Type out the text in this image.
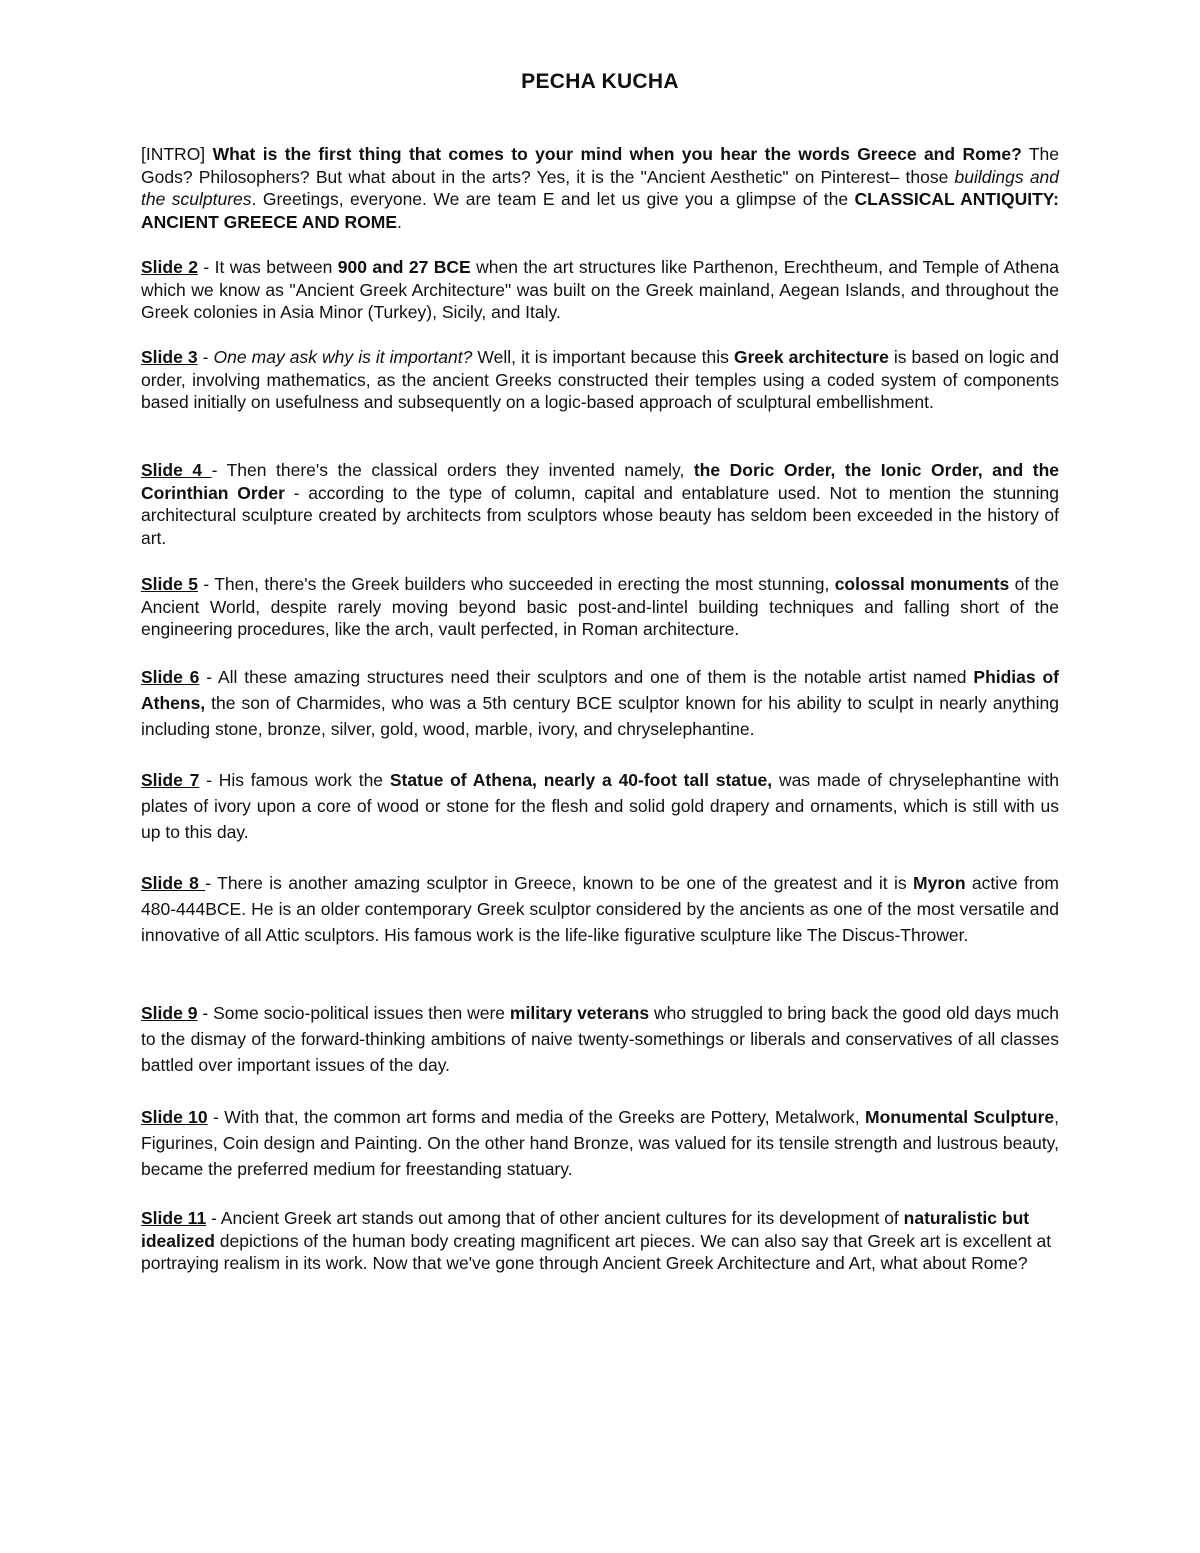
PECHA KUCHA

[INTRO] What is the first thing that comes to your mind when you hear the words Greece and Rome? The Gods? Philosophers? But what about in the arts? Yes, it is the "Ancient Aesthetic" on Pinterest– those buildings and the sculptures. Greetings, everyone. We are team E and let us give you a glimpse of the CLASSICAL ANTIQUITY: ANCIENT GREECE AND ROME.

Slide 2 - It was between 900 and 27 BCE when the art structures like Parthenon, Erechtheum, and Temple of Athena which we know as "Ancient Greek Architecture" was built on the Greek mainland, Aegean Islands, and throughout the Greek colonies in Asia Minor (Turkey), Sicily, and Italy.

Slide 3 - One may ask why is it important? Well, it is important because this Greek architecture is based on logic and order, involving mathematics, as the ancient Greeks constructed their temples using a coded system of components based initially on usefulness and subsequently on a logic-based approach of sculptural embellishment.

Slide 4 - Then there's the classical orders they invented namely, the Doric Order, the Ionic Order, and the Corinthian Order - according to the type of column, capital and entablature used. Not to mention the stunning architectural sculpture created by architects from sculptors whose beauty has seldom been exceeded in the history of art.

Slide 5 - Then, there's the Greek builders who succeeded in erecting the most stunning, colossal monuments of the Ancient World, despite rarely moving beyond basic post-and-lintel building techniques and falling short of the engineering procedures, like the arch, vault perfected, in Roman architecture.

Slide 6 - All these amazing structures need their sculptors and one of them is the notable artist named Phidias of Athens, the son of Charmides, who was a 5th century BCE sculptor known for his ability to sculpt in nearly anything including stone, bronze, silver, gold, wood, marble, ivory, and chryselephantine.

Slide 7 - His famous work the Statue of Athena, nearly a 40-foot tall statue, was made of chryselephantine with plates of ivory upon a core of wood or stone for the flesh and solid gold drapery and ornaments, which is still with us up to this day.

Slide 8 - There is another amazing sculptor in Greece, known to be one of the greatest and it is Myron active from 480-444BCE. He is an older contemporary Greek sculptor considered by the ancients as one of the most versatile and innovative of all Attic sculptors. His famous work is the life-like figurative sculpture like The Discus-Thrower.

Slide 9 - Some socio-political issues then were military veterans who struggled to bring back the good old days much to the dismay of the forward-thinking ambitions of naive twenty-somethings or liberals and conservatives of all classes battled over important issues of the day.

Slide 10 - With that, the common art forms and media of the Greeks are Pottery, Metalwork, Monumental Sculpture, Figurines, Coin design and Painting. On the other hand Bronze, was valued for its tensile strength and lustrous beauty, became the preferred medium for freestanding statuary.

Slide 11 - Ancient Greek art stands out among that of other ancient cultures for its development of naturalistic but idealized depictions of the human body creating magnificent art pieces. We can also say that Greek art is excellent at portraying realism in its work. Now that we've gone through Ancient Greek Architecture and Art, what about Rome?
